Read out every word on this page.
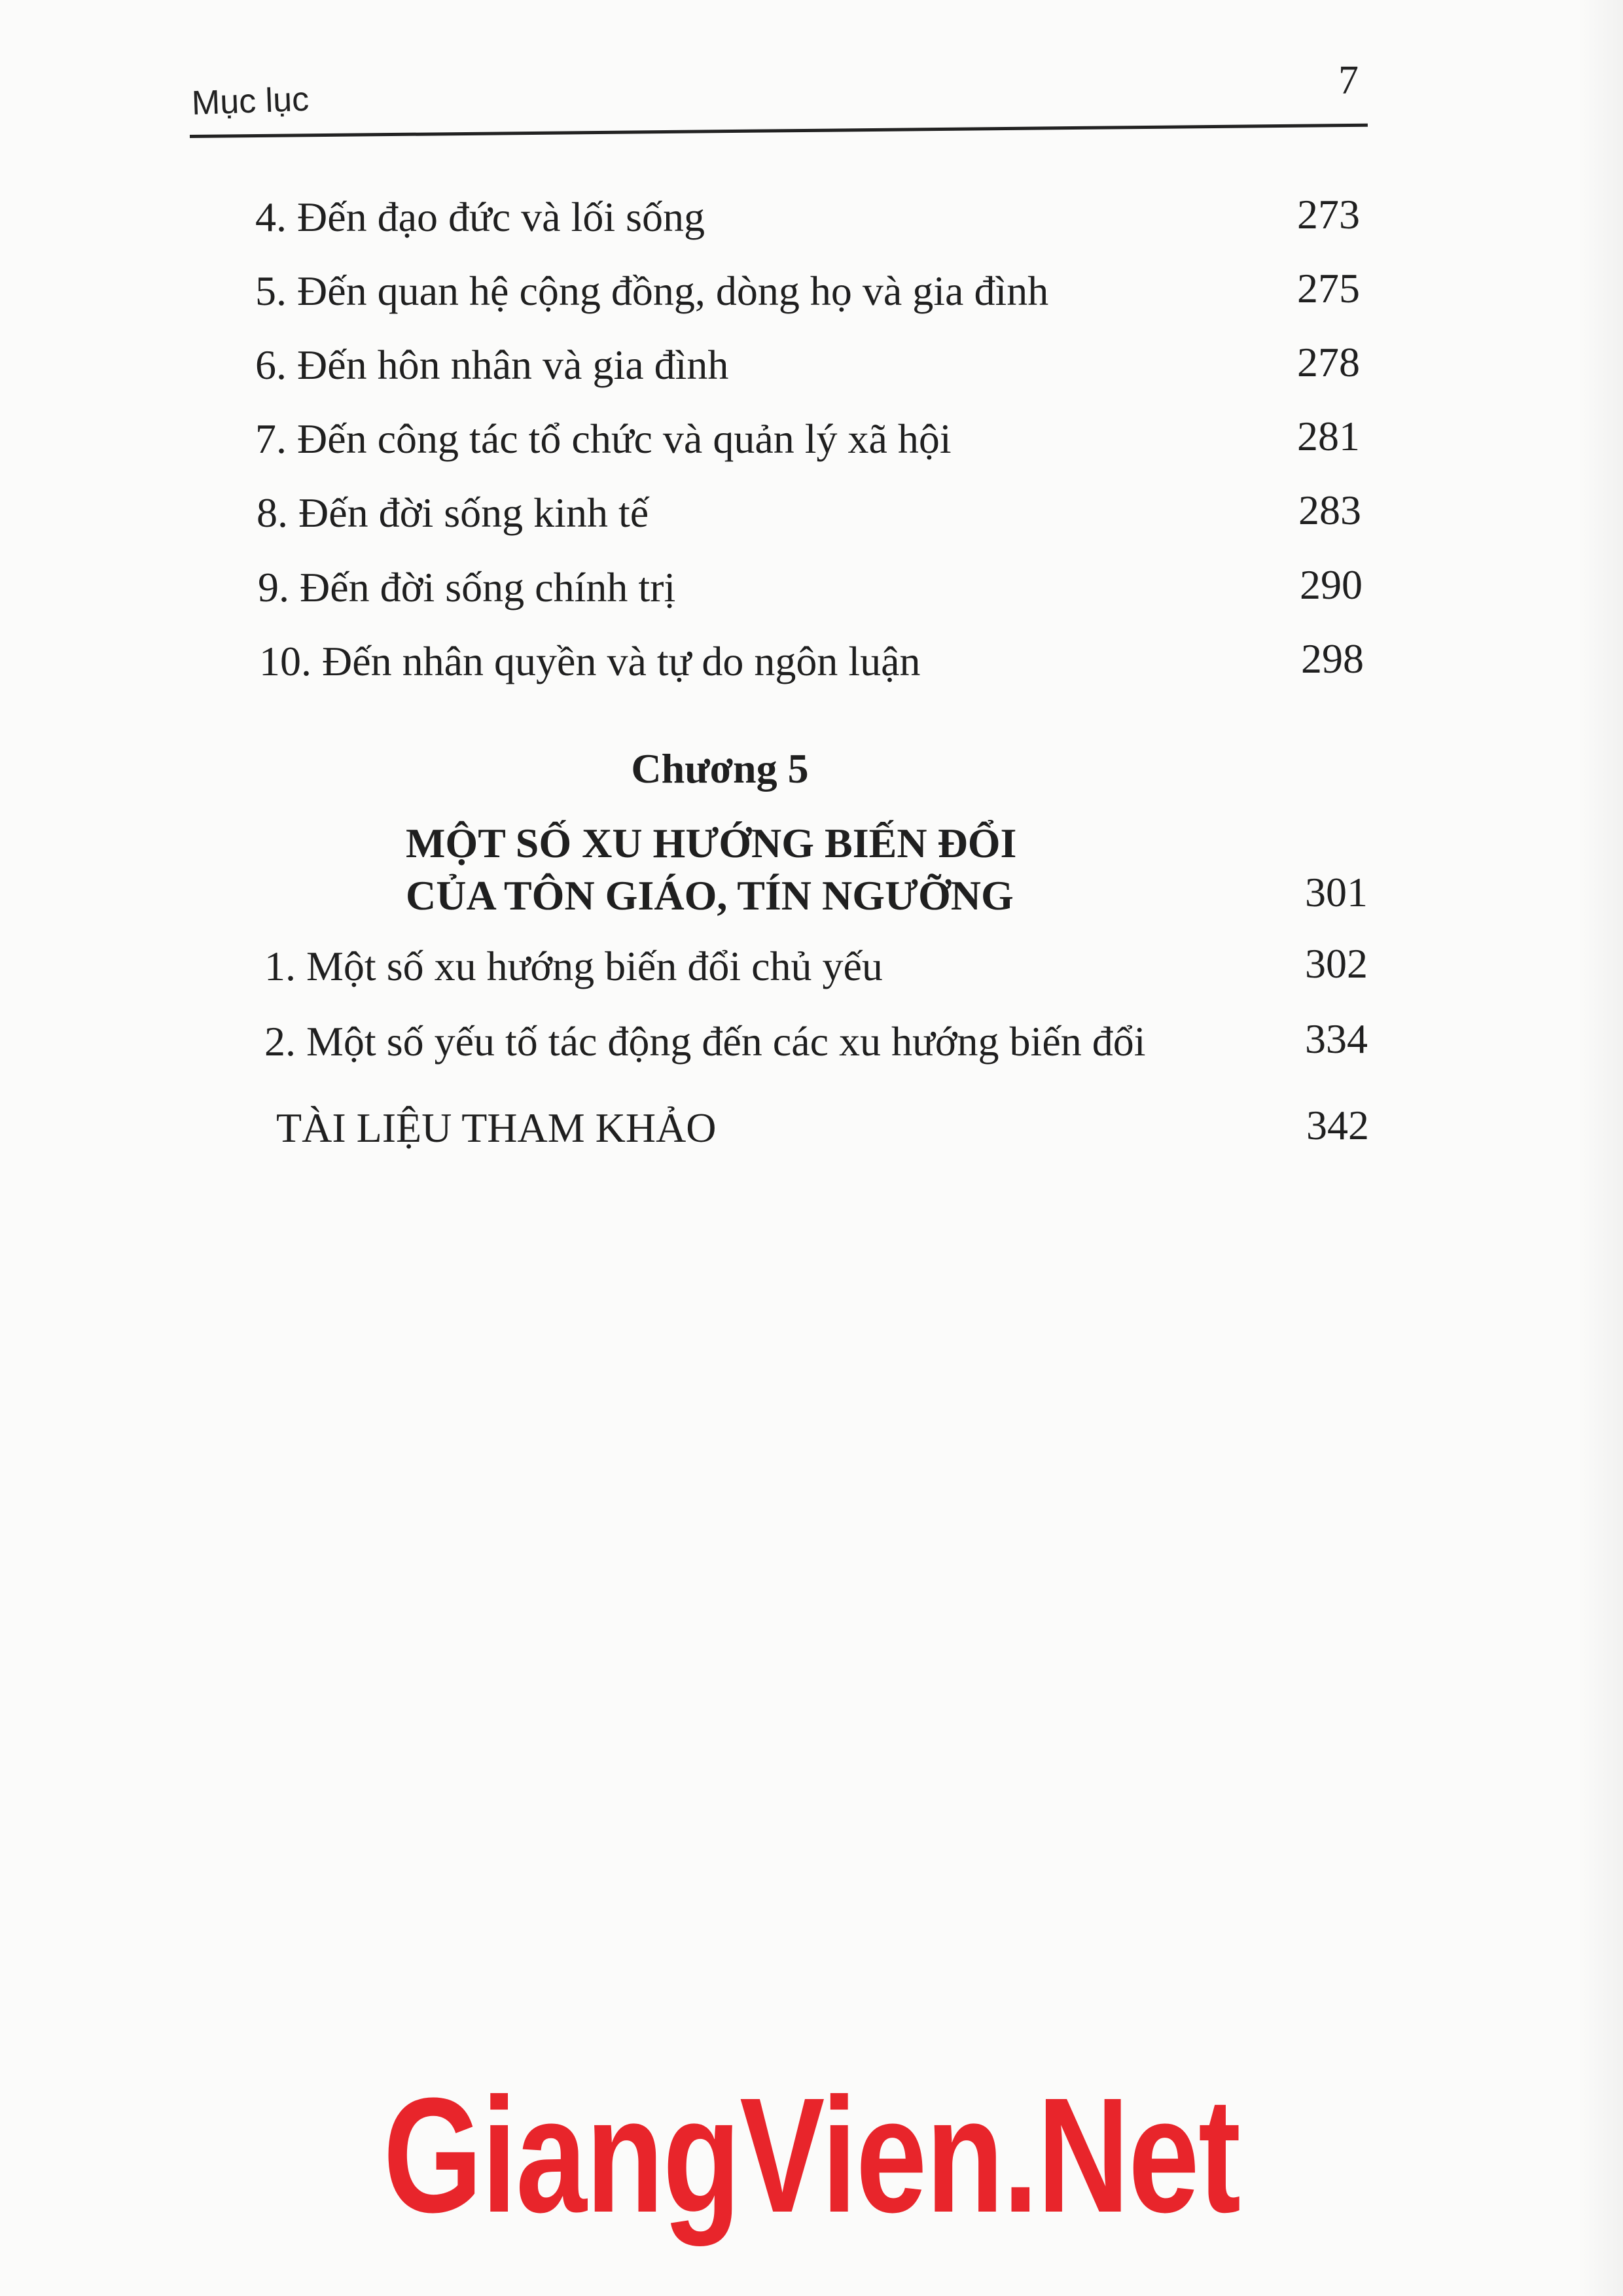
Mục lục	7
4. Đến đạo đức và lối sống	273
5. Đến quan hệ cộng đồng, dòng họ và gia đình	275
6. Đến hôn nhân và gia đình	278
7. Đến công tác tổ chức và quản lý xã hội	281
8. Đến đời sống kinh tế	283
9. Đến đời sống chính trị	290
10. Đến nhân quyền và tự do ngôn luận	298
Chương 5
MỘT SỐ XU HƯỚNG BIẾN ĐỔI
CỦA TÔN GIÁO, TÍN NGƯỠNG	301
1. Một số xu hướng biến đổi chủ yếu	302
2. Một số yếu tố tác động đến các xu hướng biến đổi	334
TÀI LIỆU THAM KHẢO	342
GiangVien.Net
